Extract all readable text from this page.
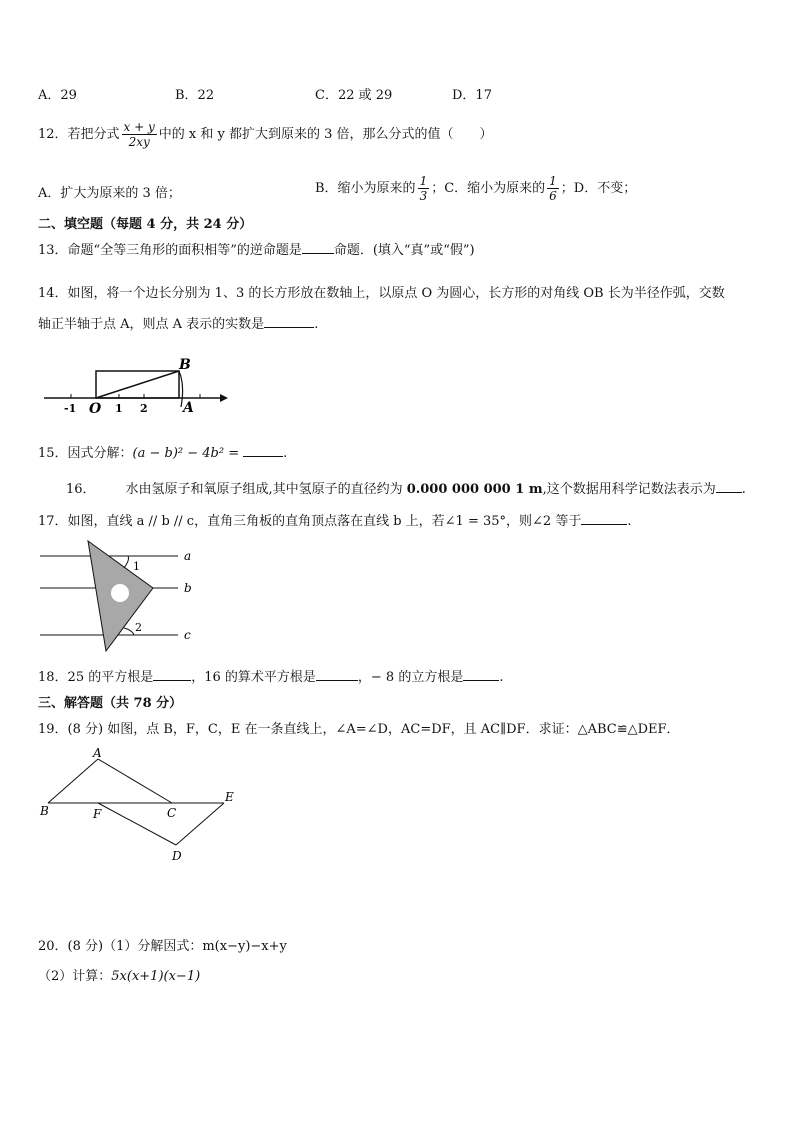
A．29	B．22	C．22 或 29	D．17
12．若把分式 $\frac{x + y}{2xy}$ 中的 x 和 y 都扩大到原来的 3 倍，那么分式的值（　　）
A．扩大为原来的 3 倍；	B．缩小为原来的 $\frac{1}{3}$ ；C．缩小为原来的 $\frac{1}{6}$ ；D．不变；
二、填空题（每题 4 分，共 24 分）
13．命题“全等三角形的面积相等”的逆命题是 命题．(填入“真”或“假”)
14．如图，将一个边长分别为 1、3 的长方形放在数轴上，以原点 O 为圆心，长方形的对角线 OB 长为半径作弧，交数
轴正半轴于点 A，则点 A 表示的实数是	.
-1 O 1 2
B
A
15．因式分解：(a − b)² − 4b² =	.
16． 水由氢原子和氧原子组成,其中氢原子的直径约为 0.000 000 000 1 m,这个数据用科学记数法表示为 .
17．如图，直线 a // b // c，直角三角板的直角顶点落在直线 b 上，若∠1 = 35°，则∠2 等于	.
1
2
a
b
c
18．25 的平方根是	，16 的算术平方根是	，− 8 的立方根是	.
三、解答题（共 78 分）
19．(8 分) 如图，点 B，F，C，E 在一条直线上，∠A=∠D，AC=DF，且 AC∥DF．求证：△ABC≌△DEF．
A
B	F	C
E
D
20．(8 分)（1）分解因式：m(x−y)−x+y
（2）计算：5x(x+1)(x−1)
